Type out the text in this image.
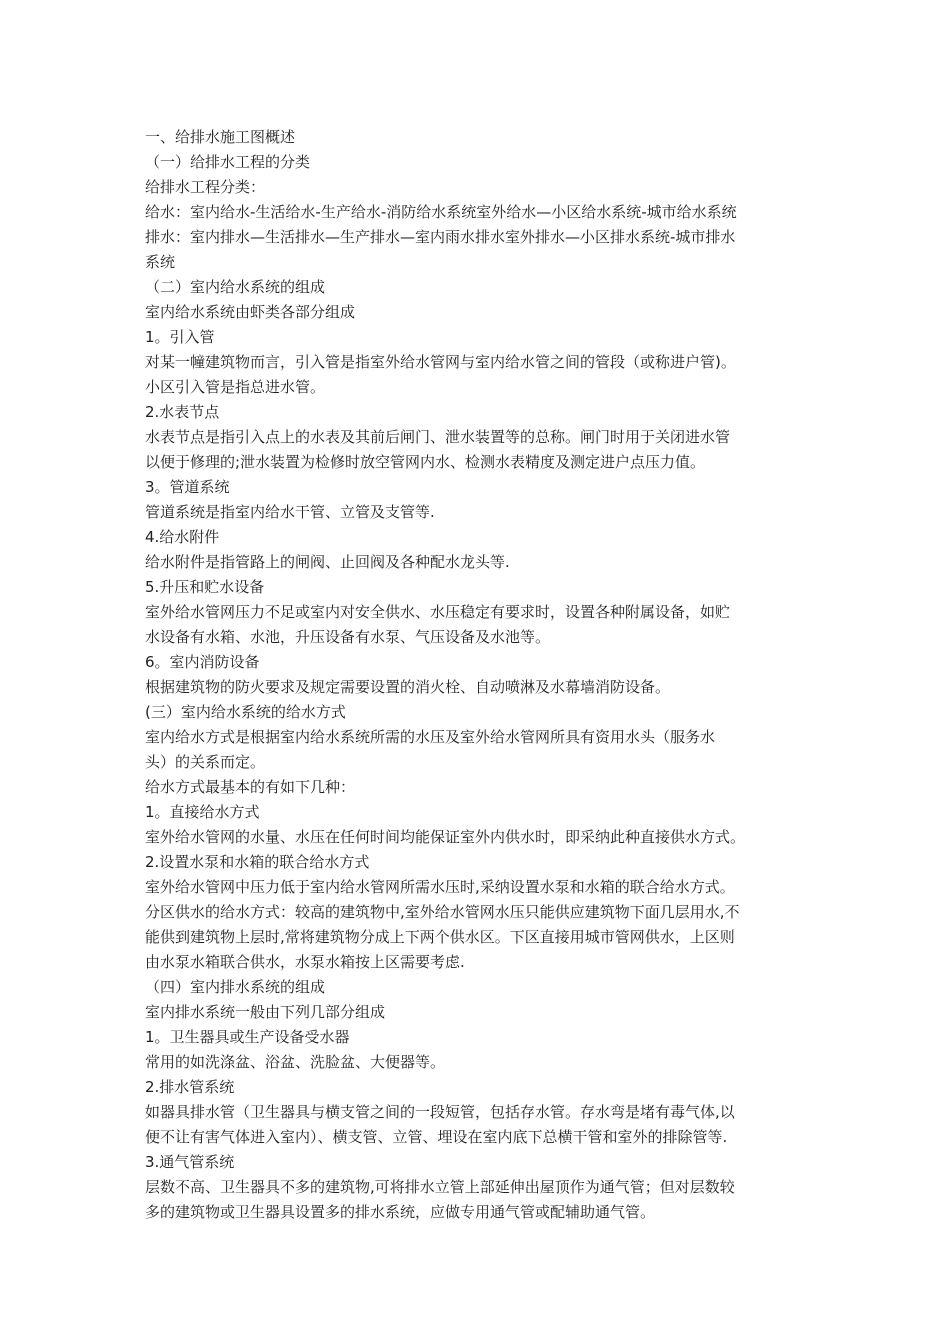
一、给排水施工图概述
（一）给排水工程的分类
给排水工程分类：
给水：室内给水-生活给水-生产给水-消防给水系统室外给水—小区给水系统-城市给水系统
排水：室内排水—生活排水—生产排水—室内雨水排水室外排水—小区排水系统-城市排水
系统
（二）室内给水系统的组成
室内给水系统由虾类各部分组成
1。引入管
对某一幢建筑物而言，引入管是指室外给水管网与室内给水管之间的管段（或称进户管)。
小区引入管是指总进水管。
2.水表节点
水表节点是指引入点上的水表及其前后闸门、泄水装置等的总称。闸门时用于关闭进水管
以便于修理的;泄水装置为检修时放空管网内水、检测水表精度及测定进户点压力值。
3。管道系统
管道系统是指室内给水干管、立管及支管等.
4.给水附件
给水附件是指管路上的闸阀、止回阀及各种配水龙头等.
5.升压和贮水设备
室外给水管网压力不足或室内对安全供水、水压稳定有要求时，设置各种附属设备，如贮
水设备有水箱、水池，升压设备有水泵、气压设备及水池等。
6。室内消防设备
根据建筑物的防火要求及规定需要设置的消火栓、自动喷淋及水幕墙消防设备。
(三）室内给水系统的给水方式
室内给水方式是根据室内给水系统所需的水压及室外给水管网所具有资用水头（服务水
头）的关系而定。
给水方式最基本的有如下几种：
1。直接给水方式
室外给水管网的水量、水压在任何时间均能保证室外内供水时，即采纳此种直接供水方式。
2.设置水泵和水箱的联合给水方式
室外给水管网中压力低于室内给水管网所需水压时,采纳设置水泵和水箱的联合给水方式。
分区供水的给水方式：较高的建筑物中,室外给水管网水压只能供应建筑物下面几层用水,不
能供到建筑物上层时,常将建筑物分成上下两个供水区。下区直接用城市管网供水，上区则
由水泵水箱联合供水，水泵水箱按上区需要考虑.
（四）室内排水系统的组成
室内排水系统一般由下列几部分组成
1。卫生器具或生产设备受水器
常用的如洗涤盆、浴盆、洗脸盆、大便器等。
2.排水管系统
如器具排水管（卫生器具与横支管之间的一段短管，包括存水管。存水弯是堵有毒气体,以
便不让有害气体进入室内）、横支管、立管、埋设在室内底下总横干管和室外的排除管等.
3.通气管系统
层数不高、卫生器具不多的建筑物,可将排水立管上部延伸出屋顶作为通气管；但对层数较
多的建筑物或卫生器具设置多的排水系统，应做专用通气管或配辅助通气管。
